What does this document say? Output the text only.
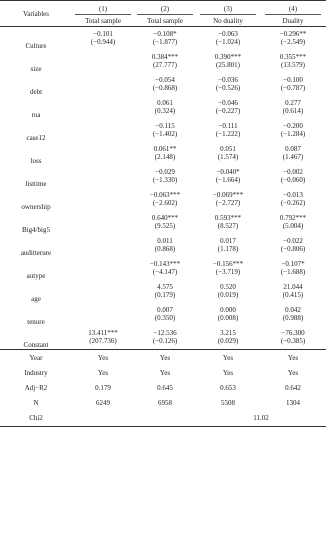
Variables	(1)	(2)	(3)	(4)
	Total sample	Total sample	No duality	Duality
Culture	−0.101	−0.108*	−0.063	−0.296**
	(−0.944)	(−1.877)	(−1.024)	(−2.549)
size		0.384***	0.390***	0.355***
		(27.777)	(25.801)	(13.579)
debt		−0.054	−0.036	−0.100
		(−0.868)	(−0.526)	(−0.787)
roa		0.061	−0.046	0.277
		(0.324)	(−0.227)	(0.614)
case12		−0.115	−0.111	−0.200
		(−1.402)	(−1.222)	(−1.284)
loss		0.061**	0.051	0.087
		(2.148)	(1.574)	(1.467)
listtime		−0.029	−0.040*	−0.002
		(−1.330)	(−1.664)	(−0.060)
ownership		−0.063***	−0.069***	−0.013
		(−2.602)	(−2.727)	(−0.262)
Big4/big5		0.640***	0.593***	0.792***
		(9.525)	(8.527)	(5.004)
auditterure		0.011	0.017	−0.022
		(0.868)	(1.178)	(−0.806)
autype		−0.143***	−0.156***	−0.107*
		(−4.147)	(−3.719)	(−1.688)
age		4.575	0.520	21.044
		(0.179)	(0.019)	(0.415)
tenure		0.007	0.000	0.042
		(0.350)	(0.008)	(0.988)
Constant	13.411***	−12.536	3.215	−76.300
	(207.736)	(−0.126)	(0.029)	(−0.385)
Year	Yes	Yes	Yes	Yes
Industry	Yes	Yes	Yes	Yes
Adj−R2	0.179	0.645	0.653	0.642
N	6249	6958	5508	1304
Chi2			11.02	
